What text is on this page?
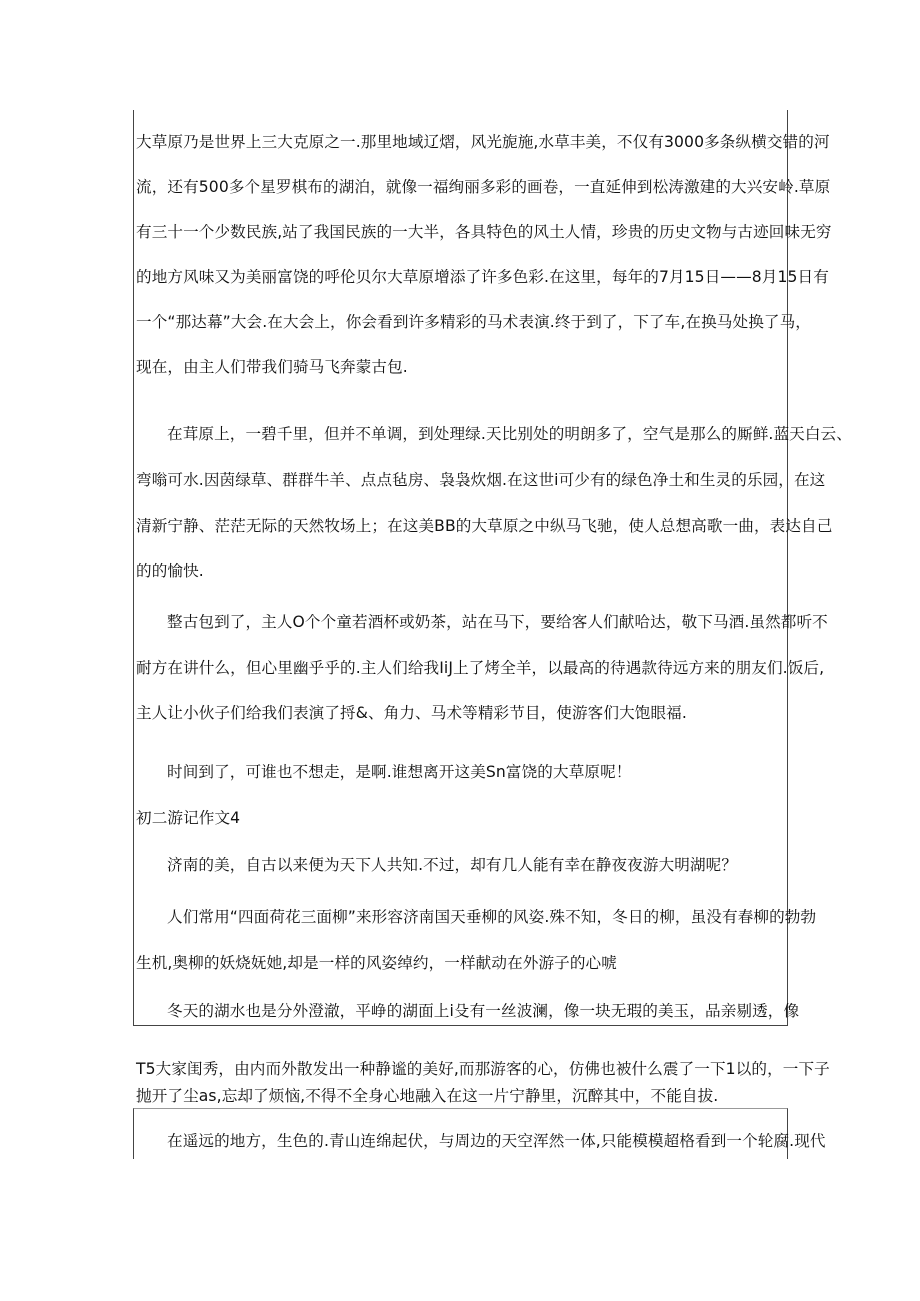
大草原乃是世界上三大克原之一.那里地域辽熠，风光旎施,水草丰美，不仅有3000多条纵横交错的河
流，还有500多个星罗棋布的湖泊，就像一福绚丽多彩的画卷，一直延伸到松涛激建的大兴安岭.草原
有三十一个少数民族,站了我国民族的一大半，各具特色的风土人情，珍贵的历史文物与古迹回味无穷
的地方风味又为美丽富饶的呼伦贝尔大草原增添了许多色彩.在这里，每年的7月15日——8月15日有
一个“那达幕”大会.在大会上，你会看到许多精彩的马术表演.终于到了，下了车,在换马处换了马，
现在，由主人们带我们骑马飞奔蒙古包.
在茸原上，一碧千里，但并不单调，到处理绿.天比别处的明朗多了，空气是那么的厮鲜.蓝天白云、
弯嗡可水.因茵绿草、群群牛羊、点点毡房、袅袅炊烟.在这世i可少有的绿色净土和生灵的乐园，在这
清新宁静、茫茫无际的天然牧场上；在这美BB的大草原之中纵马飞驰，使人总想高歌一曲，表达自己
的的愉快.
整古包到了，主人O个个童若酒杯或奶茶，站在马下，要给客人们献哈达，敬下马酒.虽然都听不
耐方在讲什么，但心里幽乎乎的.主人们给我IiJ上了烤全羊，以最高的待遇款待远方来的朋友们.饭后,
主人让小伙子们给我们表演了捋&、角力、马术等精彩节目，使游客们大饱眼福.
时间到了，可谁也不想走，是啊.谁想离开这美Sn富饶的大草原呢！
初二游记作文4
济南的美，自古以来便为天下人共知.不过，却有几人能有幸在静夜夜游大明湖呢？
人们常用“四面荷花三面柳”来形容济南国天垂柳的风姿.殊不知，冬日的柳，虽没有春柳的勃勃
生机,奥柳的妖烧妩她,却是一样的风姿绰约，一样献动在外游子的心唬
冬天的湖水也是分外澄澈，平峥的湖面上i殳有一丝波澜，像一块无瑕的美玉，品亲剔透，像
T5大家闺秀，由内而外散发出一种静谧的美好,而那游客的心，仿佛也被什么震了一下1以的，一下子
抛开了尘as,忘却了烦恼,不得不全身心地融入在这一片宁静里，沉醉其中，不能自拔.
在遥远的地方，生色的.青山连绵起伏，与周边的天空浑然一体,只能模模超格看到一个轮腐.现代
